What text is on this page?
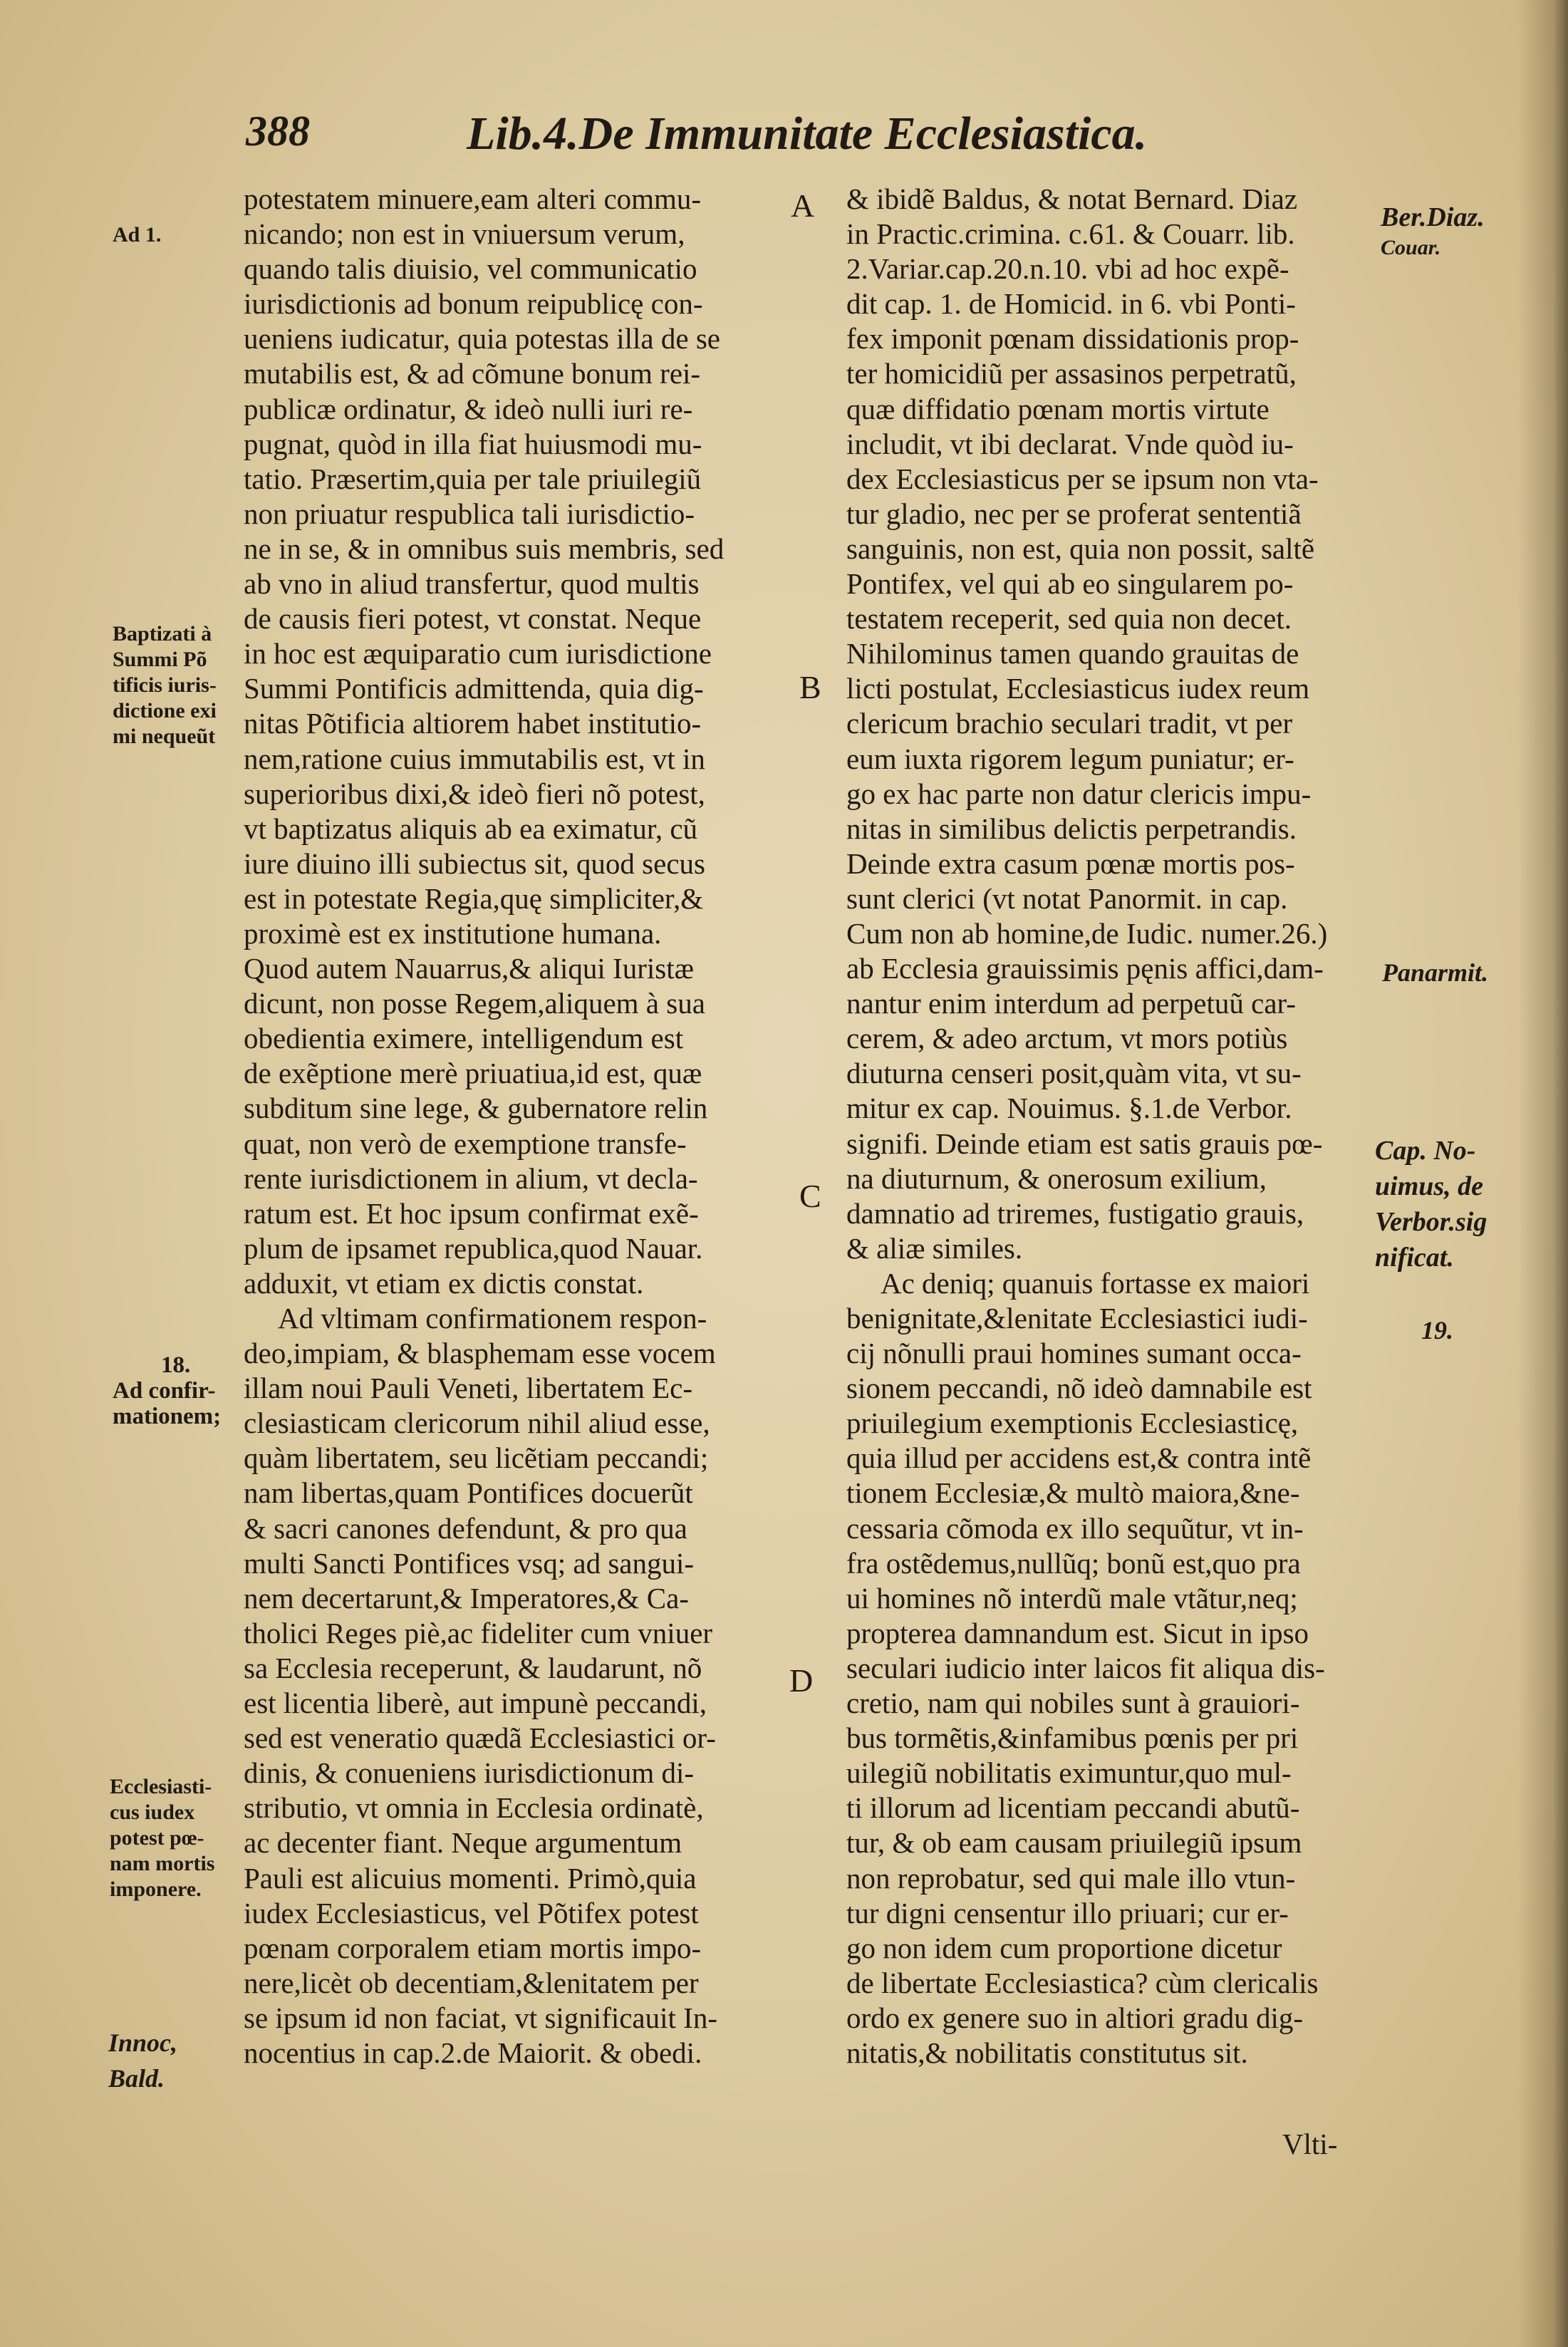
388	Lib.4.De Immunitate Ecclesiastica.
potestatem minuere,eam alteri commu-
nicando; non est in vniuersum verum,
quando talis diuisio, vel communicatio
iurisdictionis ad bonum reipublicę con-
ueniens iudicatur, quia potestas illa de se
mutabilis est, & ad cõmune bonum rei-
publicæ ordinatur, & ideò nulli iuri re-
pugnat, quòd in illa fiat huiusmodi mu-
tatio. Præsertim,quia per tale priuilegiũ
non priuatur respublica tali iurisdictio-
ne in se, & in omnibus suis membris, sed
ab vno in aliud transfertur, quod multis
de causis fieri potest, vt constat. Neque
in hoc est æquiparatio cum iurisdictione
Summi Pontificis admittenda, quia dig-
nitas Põtificia altiorem habet institutio-
nem,ratione cuius immutabilis est, vt in
superioribus dixi,& ideò fieri nõ potest,
vt baptizatus aliquis ab ea eximatur, cũ
iure diuino illi subiectus sit, quod secus
est in potestate Regia,quę simpliciter,&
proximè est ex institutione humana.
Quod autem Nauarrus,& aliqui Iuristæ
dicunt, non posse Regem,aliquem à sua
obedientia eximere, intelligendum est
de exẽptione merè priuatiua,id est, quæ
subditum sine lege, & gubernatore relin
quat, non verò de exemptione transfe-
rente iurisdictionem in alium, vt decla-
ratum est. Et hoc ipsum confirmat exẽ-
plum de ipsamet republica,quod Nauar.
adduxit, vt etiam ex dictis constat.
Ad vltimam confirmationem respon-
deo,impiam, & blasphemam esse vocem
illam noui Pauli Veneti, libertatem Ec-
clesiasticam clericorum nihil aliud esse,
quàm libertatem, seu licẽtiam peccandi;
nam libertas,quam Pontifices docuerũt
& sacri canones defendunt, & pro qua
multi Sancti Pontifices vsq; ad sangui-
nem decertarunt,& Imperatores,& Ca-
tholici Reges piè,ac fideliter cum vniuer
sa Ecclesia receperunt, & laudarunt, nõ
est licentia liberè, aut impunè peccandi,
sed est veneratio quædã Ecclesiastici or-
dinis, & conueniens iurisdictionum di-
stributio, vt omnia in Ecclesia ordinatè,
ac decenter fiant. Neque argumentum
Pauli est alicuius momenti. Primò,quia
iudex Ecclesiasticus, vel Põtifex potest
pœnam corporalem etiam mortis impo-
nere,licèt ob decentiam,&lenitatem per
se ipsum id non faciat, vt significauit In-
nocentius in cap.2.de Maiorit. & obedi.
& ibidẽ Baldus, & notat Bernard. Diaz
in Practic.crimina. c.61. & Couarr. lib.
2.Variar.cap.20.n.10. vbi ad hoc expẽ-
dit cap. 1. de Homicid. in 6. vbi Ponti-
fex imponit pœnam dissidationis prop-
ter homicidiũ per assasinos perpetratũ,
quæ diffidatio pœnam mortis virtute
includit, vt ibi declarat. Vnde quòd iu-
dex Ecclesiasticus per se ipsum non vta-
tur gladio, nec per se proferat sententiã
sanguinis, non est, quia non possit, saltẽ
Pontifex, vel qui ab eo singularem po-
testatem receperit, sed quia non decet.
Nihilominus tamen quando grauitas de
licti postulat, Ecclesiasticus iudex reum
clericum brachio seculari tradit, vt per
eum iuxta rigorem legum puniatur; er-
go ex hac parte non datur clericis impu-
nitas in similibus delictis perpetrandis.
Deinde extra casum pœnæ mortis pos-
sunt clerici (vt notat Panormit. in cap.
Cum non ab homine,de Iudic. numer.26.)
ab Ecclesia grauissimis pęnis affici,dam-
nantur enim interdum ad perpetuũ car-
cerem, & adeo arctum, vt mors potiùs
diuturna censeri posit,quàm vita, vt su-
mitur ex cap. Nouimus. §.1.de Verbor.
signifi. Deinde etiam est satis grauis pœ-
na diuturnum, & onerosum exilium,
damnatio ad triremes, fustigatio grauis,
& aliæ similes.
Ac deniq; quanuis fortasse ex maiori
benignitate,&lenitate Ecclesiastici iudi-
cij nõnulli praui homines sumant occa-
sionem peccandi, nõ ideò damnabile est
priuilegium exemptionis Ecclesiasticę,
quia illud per accidens est,& contra intẽ
tionem Ecclesiæ,& multò maiora,&ne-
cessaria cõmoda ex illo sequũtur, vt in-
fra ostẽdemus,nullũq; bonũ est,quo pra
ui homines nõ interdũ male vtãtur,neq;
propterea damnandum est. Sicut in ipso
seculari iudicio inter laicos fit aliqua dis-
cretio, nam qui nobiles sunt à grauiori-
bus tormẽtis,&infamibus pœnis per pri
uilegiũ nobilitatis eximuntur,quo mul-
ti illorum ad licentiam peccandi abutũ-
tur, & ob eam causam priuilegiũ ipsum
non reprobatur, sed qui male illo vtun-
tur digni censentur illo priuari; cur er-
go non idem cum proportione dicetur
de libertate Ecclesiastica? cùm clericalis
ordo ex genere suo in altiori gradu dig-
nitatis,& nobilitatis constitutus sit.
A
B
C
D
Ad 1.
Baptizati à
Summi Põ
tificis iuris-
dictione exi
mi nequeũt
18.
Ad confir-
mationem;
Ecclesiasti-
cus iudex
potest pœ-
nam mortis
imponere.
Innoc,
Bald.
Ber.Diaz.
Couar.
Panarmit.
Cap. No-
uimus, de
Verbor.sig
nificat.
19.
Vlti-
